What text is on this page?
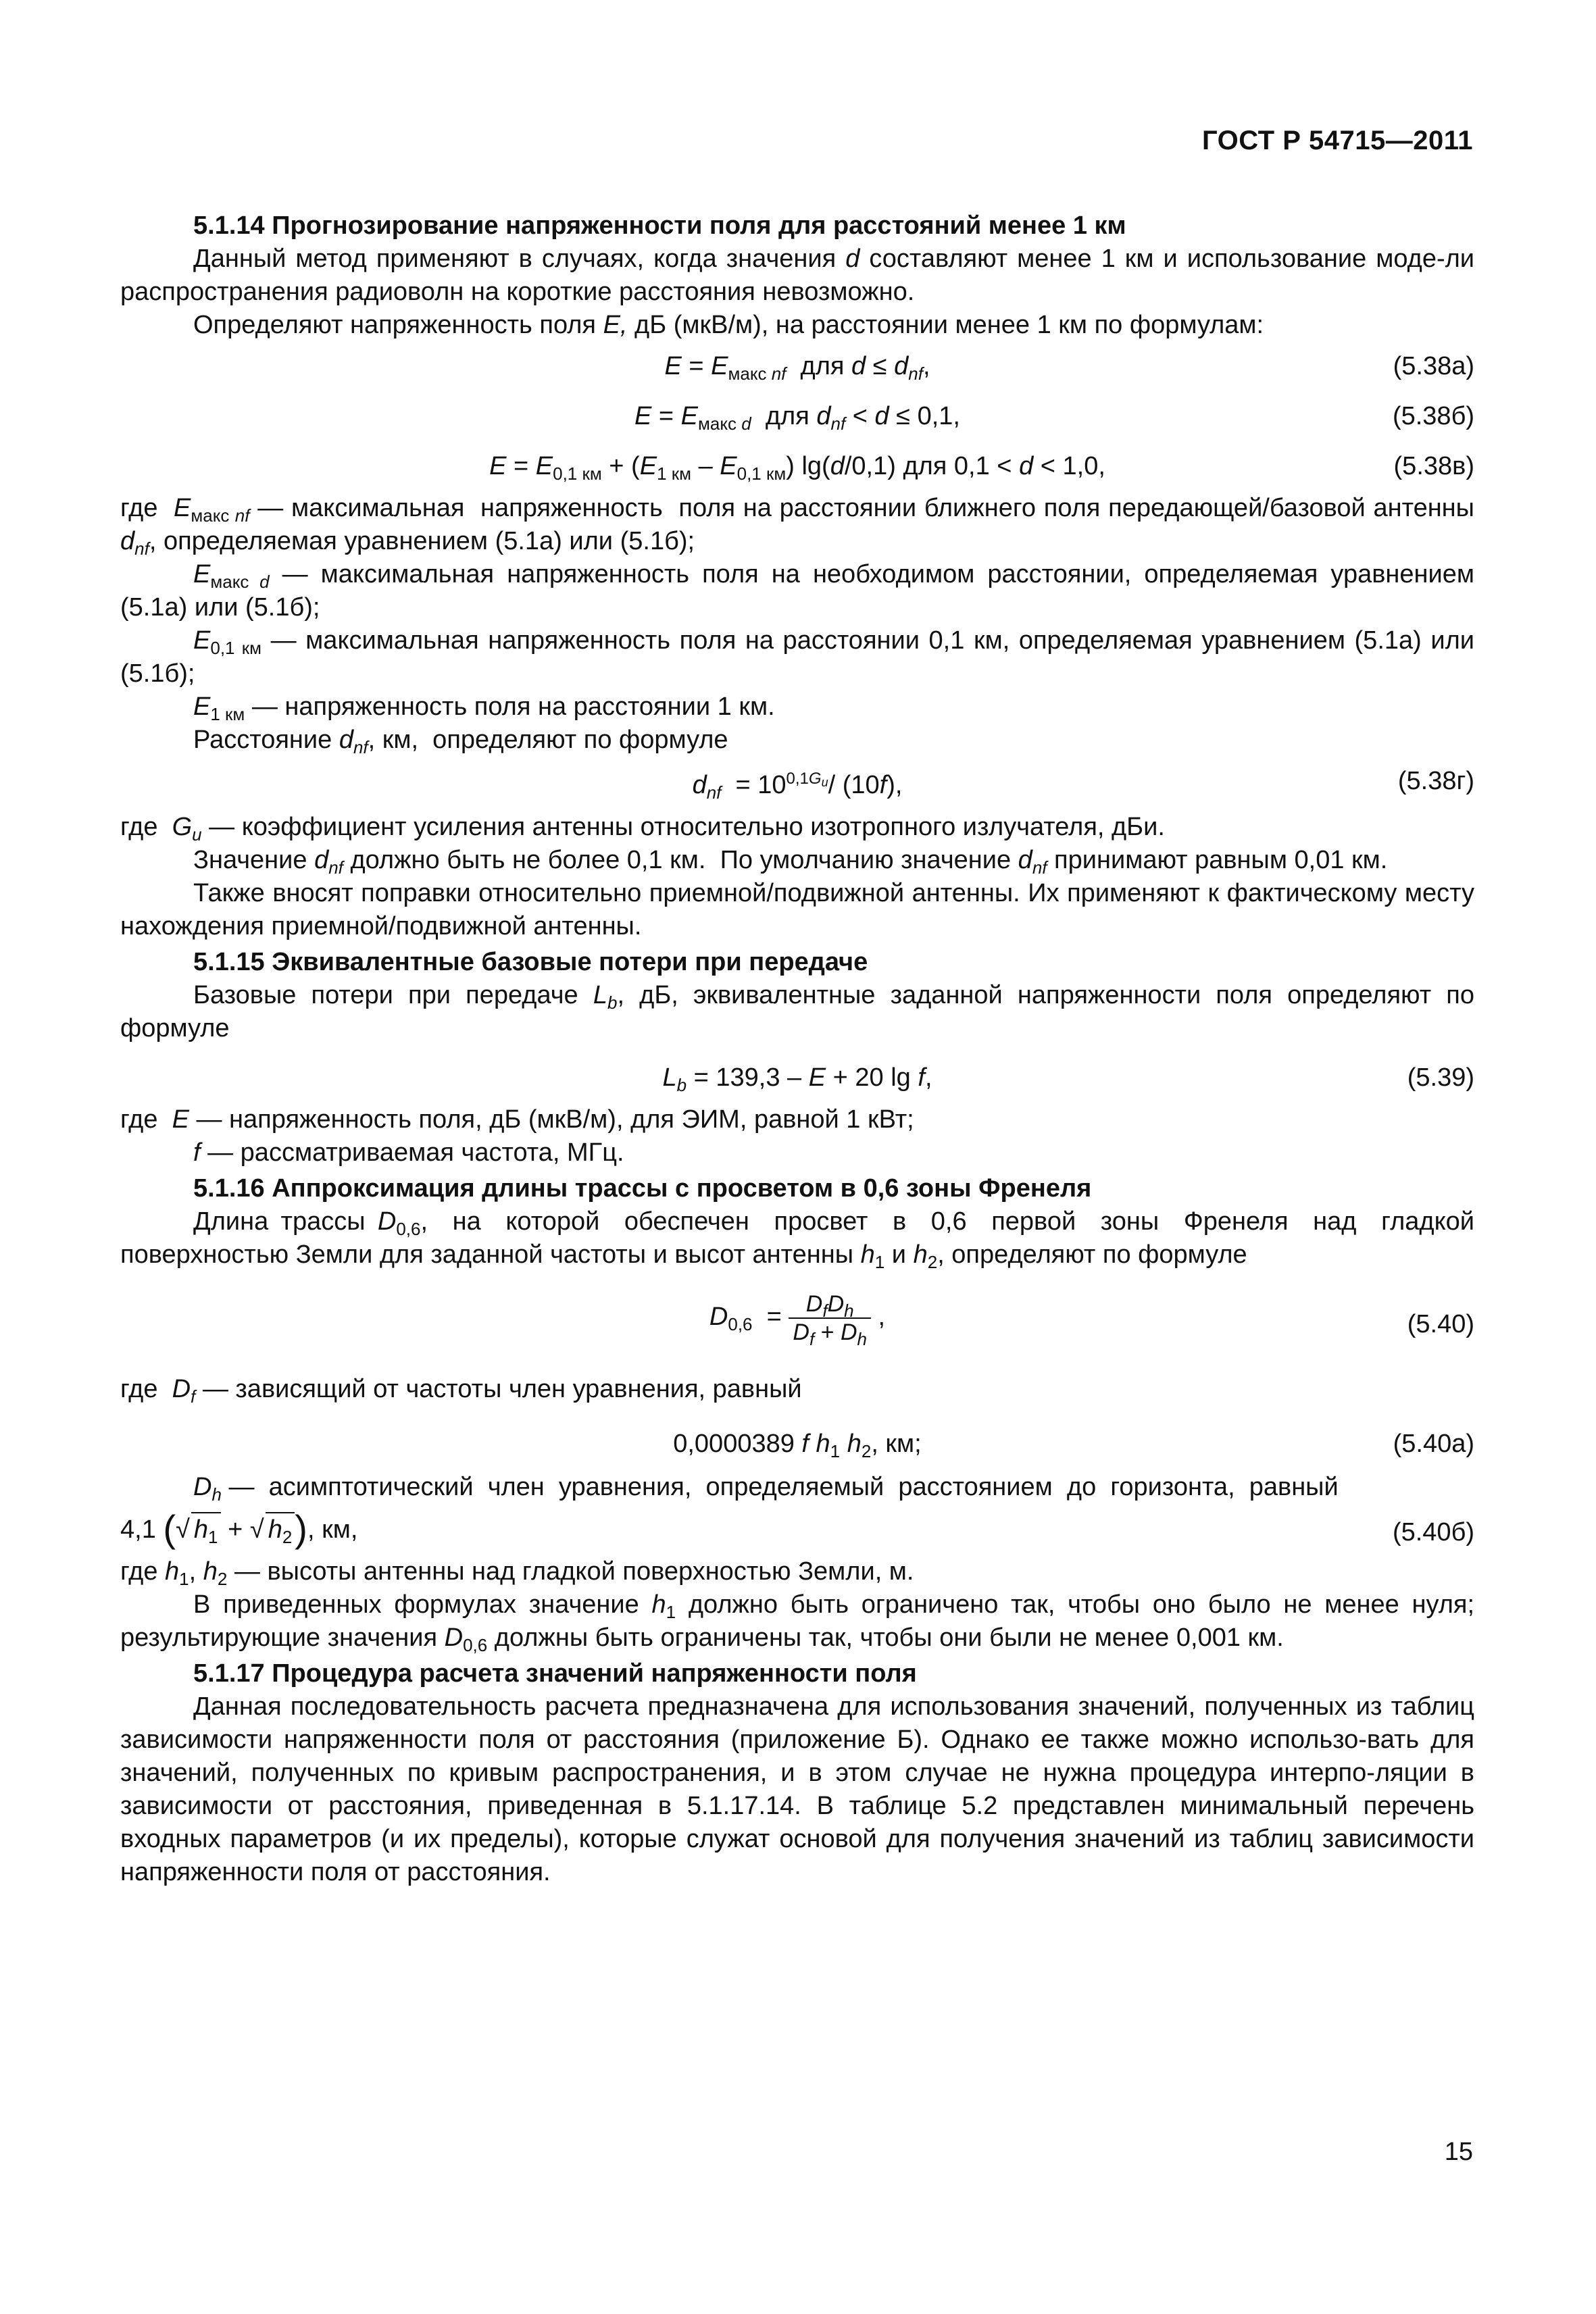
ГОСТ Р 54715—2011

5.1.14 Прогнозирование напряженности поля для расстояний менее 1 км

Данный метод применяют в случаях, когда значения d составляют менее 1 км и использование моде-ли распространения радиоволн на короткие расстояния невозможно.

Определяют напряженность поля E, дБ (мкВ/м), на расстоянии менее 1 км по формулам:

$E = E_{макс nf}$  для $d \le d_{nf}$,	(5.38а)
$E = E_{макс d}$  для $d_{nf} < d \le 0,1$,	(5.38б)
$E = E_{0,1 км} + (E_{1 км} - E_{0,1 км})$ lg(d/0,1) для 0,1 < d < 1,0,	(5.38в)

где  $E_{макс nf}$ — максимальная  напряженность  поля на расстоянии ближнего поля передающей/базовой антенны $d_{nf}$, определяемая уравнением (5.1а) или (5.1б);

$E_{макс d}$ — максимальная напряженность поля на необходимом расстоянии, определяемая уравнением (5.1а) или (5.1б);

$E_{0,1 км}$ — максимальная напряженность поля на расстоянии 0,1 км, определяемая уравнением (5.1а) или (5.1б);

$E_{1 км}$ — напряженность поля на расстоянии 1 км.

Расстояние $d_{nf}$, км,  определяют по формуле

$d_{nf} = 10^{0,1G_u}/$ (10f),	(5.38г)

где  $G_u$ — коэффициент усиления антенны относительно изотропного излучателя, дБи.

Значение $d_{nf}$ должно быть не более 0,1 км.  По умолчанию значение $d_{nf}$ принимают равным 0,01 км.

Также вносят поправки относительно приемной/подвижной антенны. Их применяют к фактическому месту нахождения приемной/подвижной антенны.

5.1.15 Эквивалентные базовые потери при передаче

Базовые потери при передаче $L_b$, дБ, эквивалентные заданной напряженности поля определяют по формуле

$L_b = 139,3 - E + 20$ lg f,	(5.39)

где  E — напряженность поля, дБ (мкВ/м), для ЭИМ, равной 1 кВт;

f — рассматриваемая частота, МГц.

5.1.16 Аппроксимация длины трассы с просветом в 0,6 зоны Френеля

Длина трассы $D_{0,6}$,  на  которой  обеспечен  просвет  в  0,6  первой  зоны  Френеля  над  гладкой поверхностью Земли для заданной частоты и высот антенны $h_1$ и $h_2$, определяют по формуле

$D_{0,6} = \frac{D_fD_h}{D_f + D_h}$ ,	(5.40)

где  $D_f$ — зависящий от частоты член уравнения, равный

0,0000389 f $h_1$ $h_2$, км;	(5.40а)

$D_h$ —  асимптотический  член  уравнения,  определяемый  расстоянием  до  горизонта,  равный

4,1 (√ $h_1$ + √ $h_2$), км,	(5.40б)

где $h_1$, $h_2$ — высоты антенны над гладкой поверхностью Земли, м.

В приведенных формулах значение $h_1$ должно быть ограничено так, чтобы оно было не менее нуля; результирующие значения $D_{0,6}$ должны быть ограничены так, чтобы они были не менее 0,001 км.

5.1.17 Процедура расчета значений напряженности поля

Данная последовательность расчета предназначена для использования значений, полученных из таблиц зависимости напряженности поля от расстояния (приложение Б). Однако ее также можно использо-вать для значений, полученных по кривым распространения, и в этом случае не нужна процедура интерпо-ляции в зависимости от расстояния, приведенная в 5.1.17.14. В таблице 5.2 представлен минимальный перечень входных параметров (и их пределы), которые служат основой для получения значений из таблиц зависимости напряженности поля от расстояния.

15
